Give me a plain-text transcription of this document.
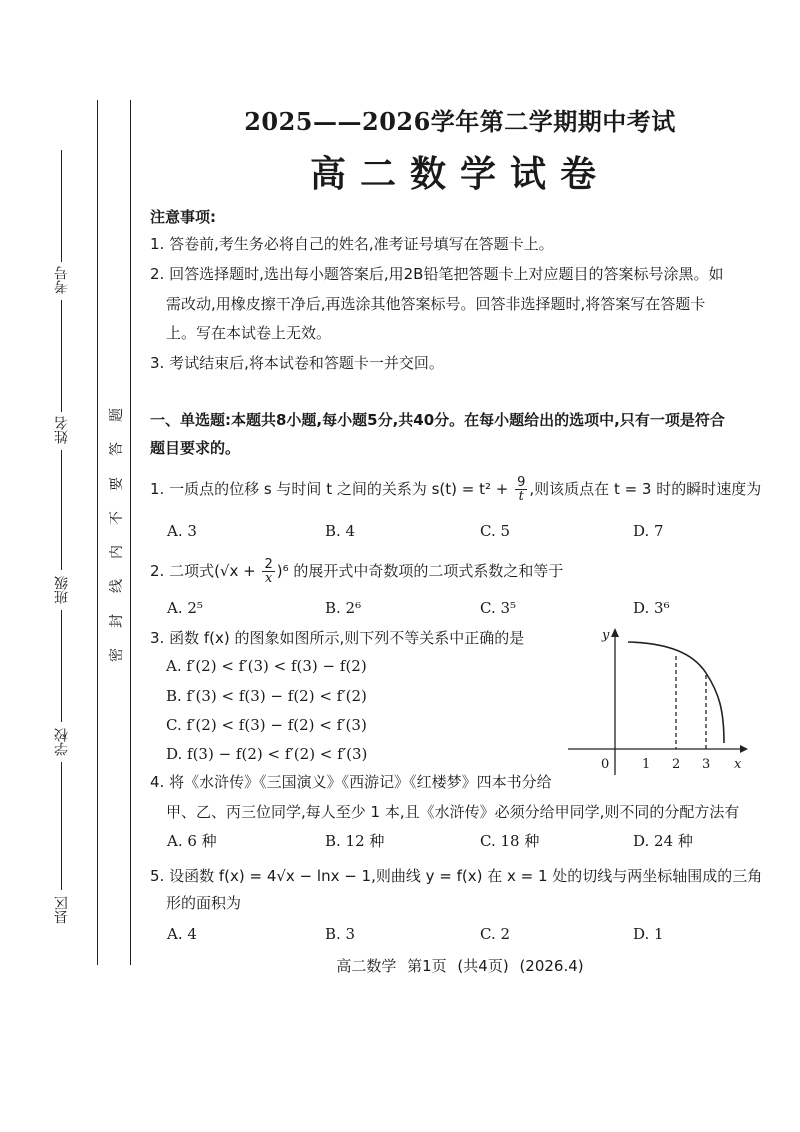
考号
姓名
班级
学校
县区
题
答
要
不
内
线
封
密
2025——2026学年第二学期期中考试
高二数学试卷
注意事项:
1. 答卷前,考生务必将自己的姓名,准考证号填写在答题卡上。
2. 回答选择题时,选出每小题答案后,用2B铅笔把答题卡上对应题目的答案标号涂黑。如
需改动,用橡皮擦干净后,再选涂其他答案标号。回答非选择题时,将答案写在答题卡
上。写在本试卷上无效。
3. 考试结束后,将本试卷和答题卡一并交回。
一、单选题:本题共8小题,每小题5分,共40分。在每小题给出的选项中,只有一项是符合
题目要求的。
1. 一质点的位移 s 与时间 t 之间的关系为 $s(t) = t^2 + \frac{9}{t}$ ,则该质点在 t = 3 时的瞬时速度为
A. 3	B. 4	C. 5	D. 7
2. 二项式$(√x + \frac{2}{x} )^6$ 的展开式中奇数项的二项式系数之和等于
A. 2⁵	B. 2⁶	C. 3⁵	D. 3⁶
3. 函数 f(x) 的图象如图所示,则下列不等关系中正确的是
A. f′(2) < f′(3) < f(3) − f(2)
B. f′(3) < f(3) − f(2) < f′(2)
C. f′(2) < f(3) − f(2) < f′(3)
D. f(3) − f(2) < f′(2) < f′(3)
y
x
0	1 2 3
4. 将《水浒传》《三国演义》《西游记》《红楼梦》四本书分给
甲、乙、丙三位同学,每人至少 1 本,且《水浒传》必须分给甲同学,则不同的分配方法有
A. 6 种	B. 12 种	C. 18 种	D. 24 种
5. 设函数 f(x) = 4√x − lnx − 1,则曲线 y = f(x) 在 x = 1 处的切线与两坐标轴围成的三角
形的面积为
A. 4	B. 3	C. 2	D. 1
高二数学 第1页 (共4页) (2026.4)
